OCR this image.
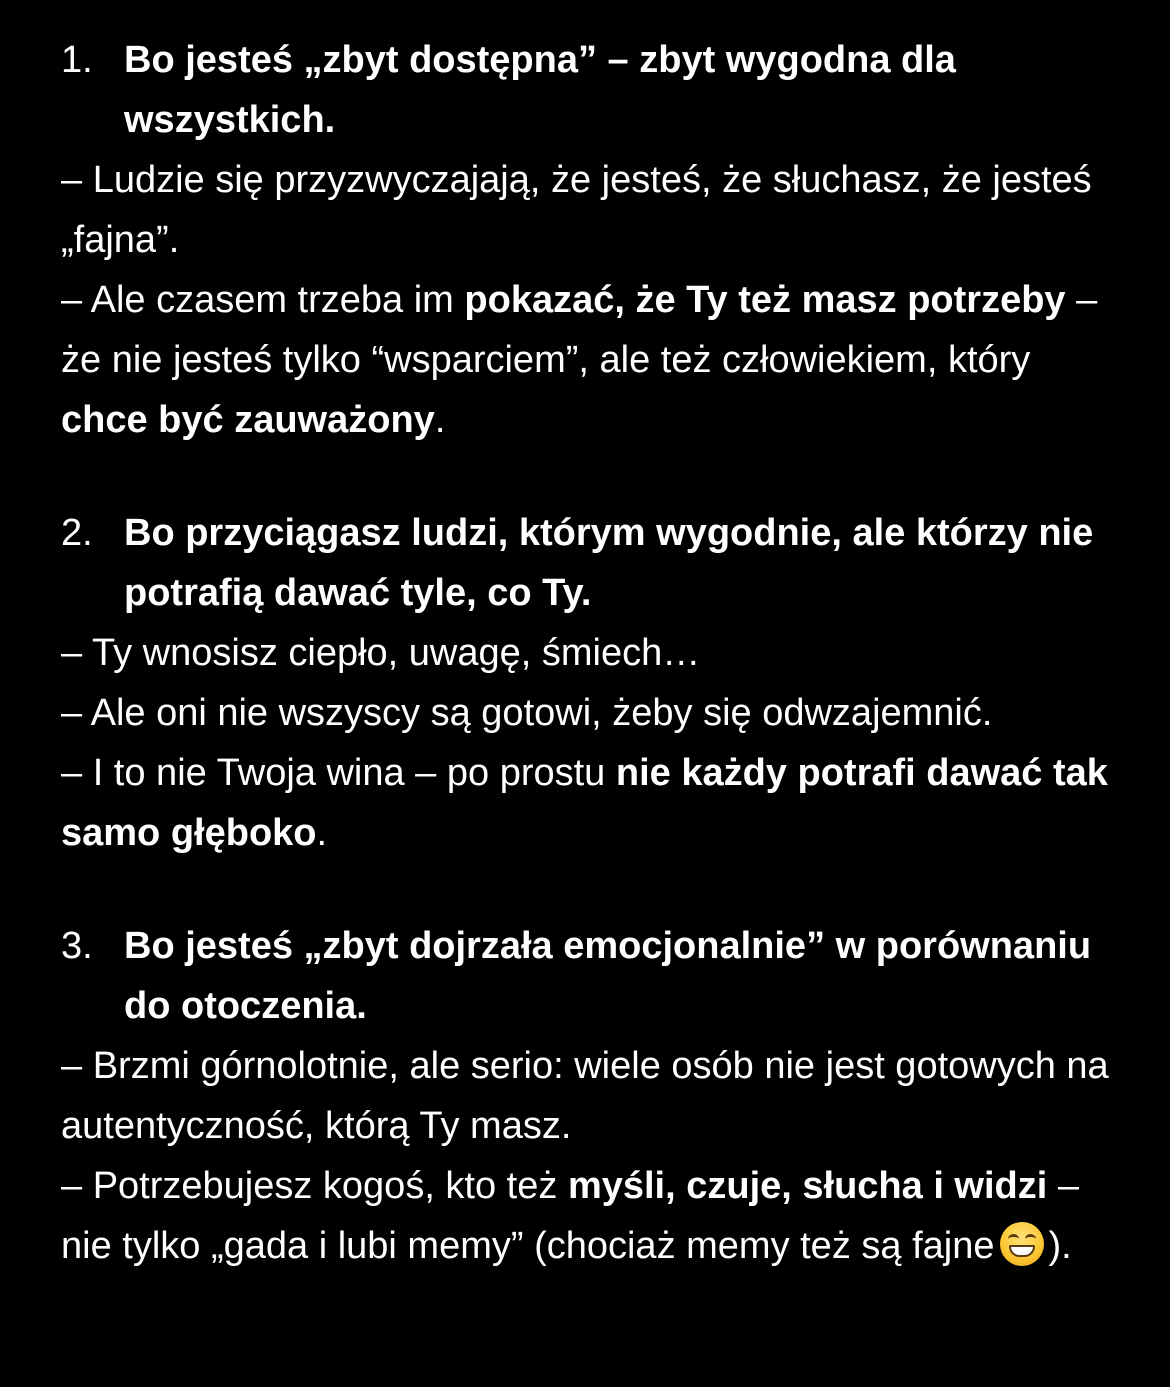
1. Bo jesteś „zbyt dostępna” – zbyt wygodna dla wszystkich.

– Ludzie się przyzwyczajają, że jesteś, że słuchasz, że jesteś „fajna”.

– Ale czasem trzeba im pokazać, że Ty też masz potrzeby – że nie jesteś tylko “wsparciem”, ale też człowiekiem, który chce być zauważony.

2. Bo przyciągasz ludzi, którym wygodnie, ale którzy nie potrafią dawać tyle, co Ty.

– Ty wnosisz ciepło, uwagę, śmiech…

– Ale oni nie wszyscy są gotowi, żeby się odwzajemnić.

– I to nie Twoja wina – po prostu nie każdy potrafi dawać tak samo głęboko.

3. Bo jesteś „zbyt dojrzała emocjonalnie” w porównaniu do otoczenia.

– Brzmi górnolotnie, ale serio: wiele osób nie jest gotowych na autentyczność, którą Ty masz.

– Potrzebujesz kogoś, kto też myśli, czuje, słucha i widzi – nie tylko „gada i lubi memy” (chociaż memy też są fajne ).
